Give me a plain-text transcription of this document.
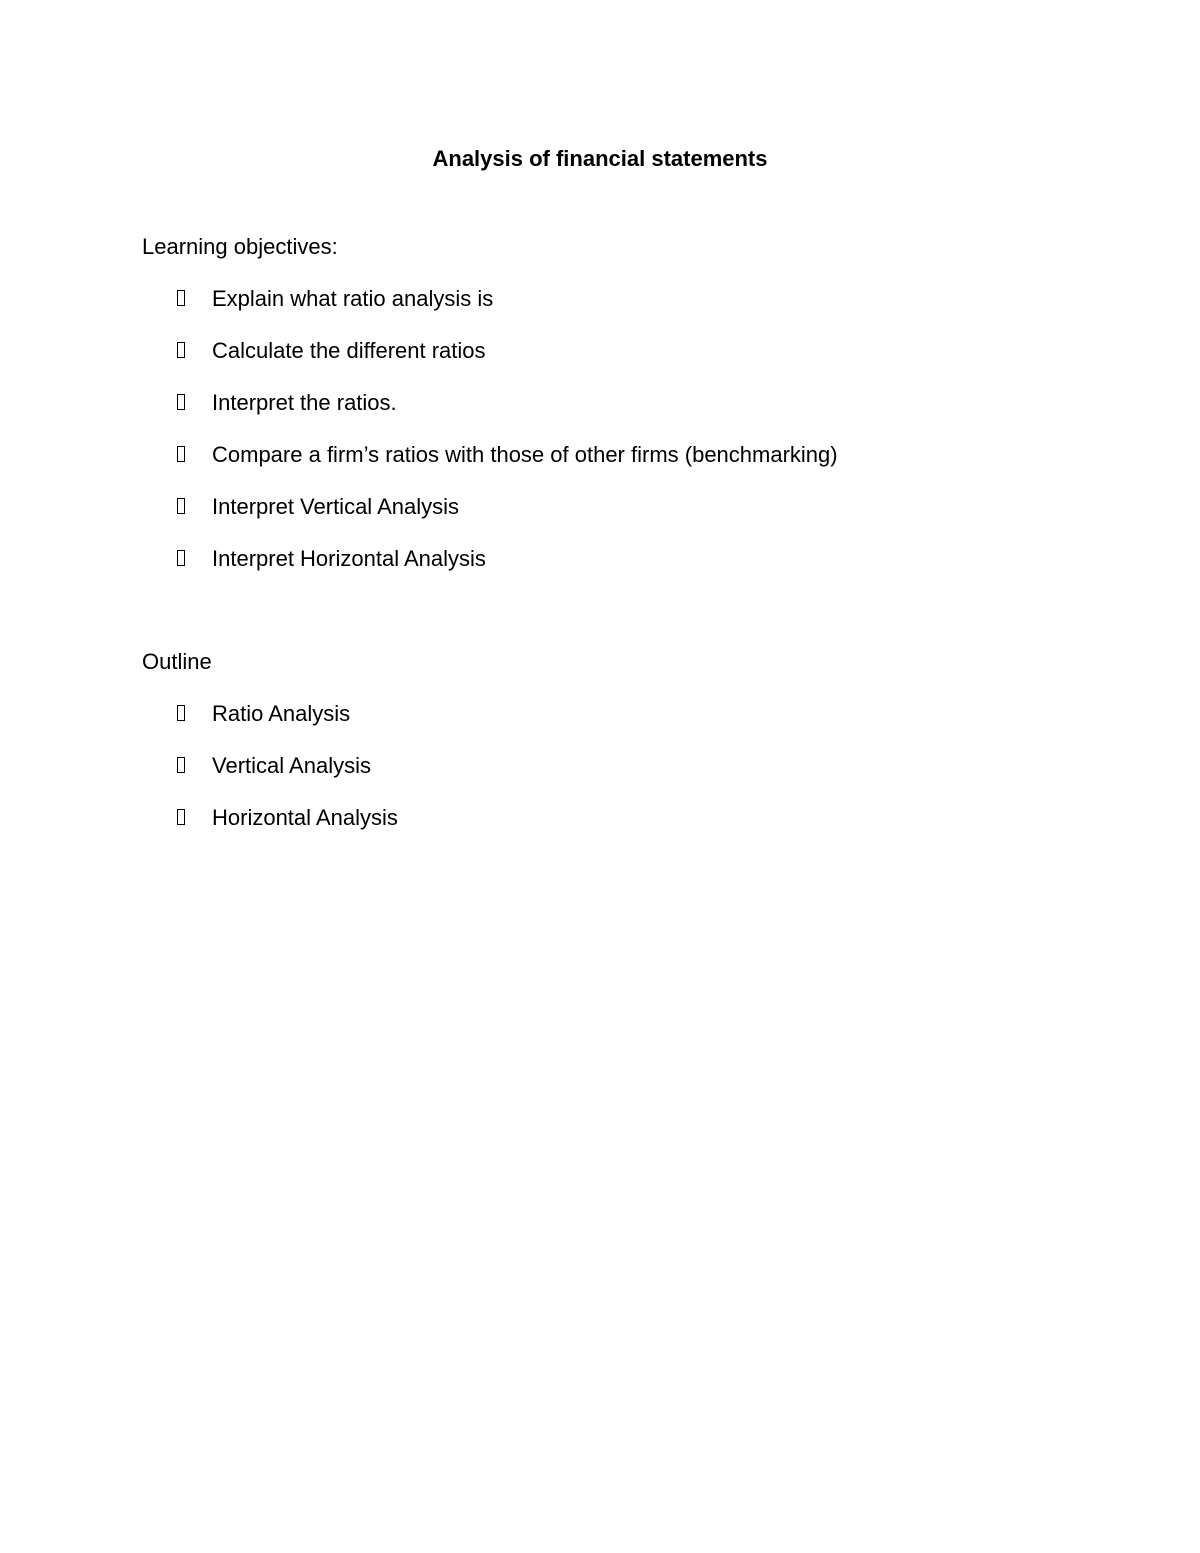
Analysis of financial statements
Learning objectives:
Explain what ratio analysis is
Calculate the different ratios
Interpret the ratios.
Compare a firm’s ratios with those of other firms (benchmarking)
Interpret Vertical Analysis
Interpret Horizontal Analysis
Outline
Ratio Analysis
Vertical Analysis
Horizontal Analysis
